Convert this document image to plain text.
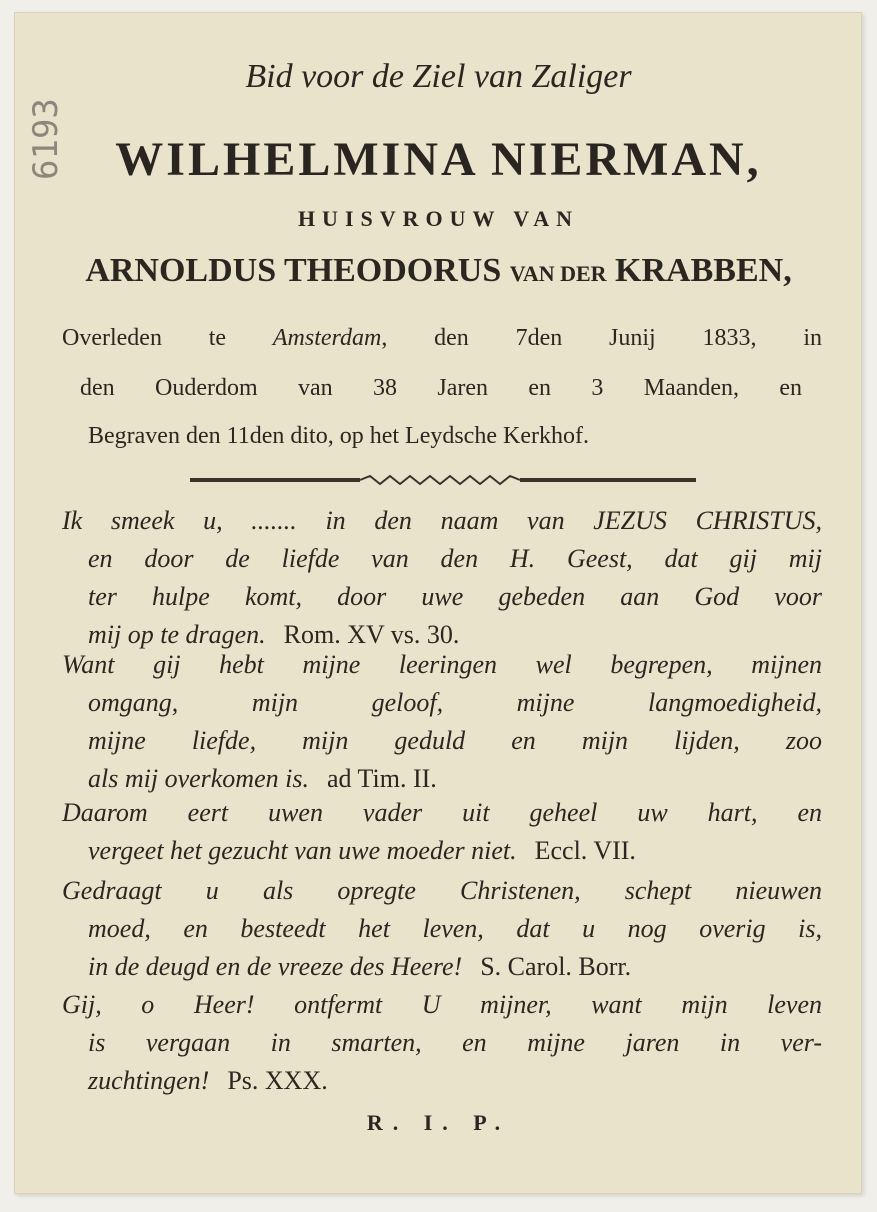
6193
Bid voor de Ziel van Zaliger
WILHELMINA NIERMAN,
HUISVROUW VAN
ARNOLDUS THEODORUS VAN DER KRABBEN,
Overleden te Amsterdam, den 7den Junij 1833, in
den Ouderdom van 38 Jaren en 3 Maanden, en
Begraven den 11den dito, op het Leydsche Kerkhof.
Ik smeek u, ....... in den naam van JEZUS CHRISTUS,
en door de liefde van den H. Geest, dat gij mij
ter hulpe komt, door uwe gebeden aan God voor
mij op te dragen. Rom. XV vs. 30.
Want gij hebt mijne leeringen wel begrepen, mijnen
omgang, mijn geloof, mijne langmoedigheid,
mijne liefde, mijn geduld en mijn lijden, zoo
als mij overkomen is. ad Tim. II.
Daarom eert uwen vader uit geheel uw hart, en
vergeet het gezucht van uwe moeder niet. Eccl. VII.
Gedraagt u als opregte Christenen, schept nieuwen
moed, en besteedt het leven, dat u nog overig is,
in de deugd en de vreeze des Heere! S. Carol. Borr.
Gij, o Heer! ontfermt U mijner, want mijn leven
is vergaan in smarten, en mijne jaren in ver-
zuchtingen! Ps. XXX.
R. I. P.
